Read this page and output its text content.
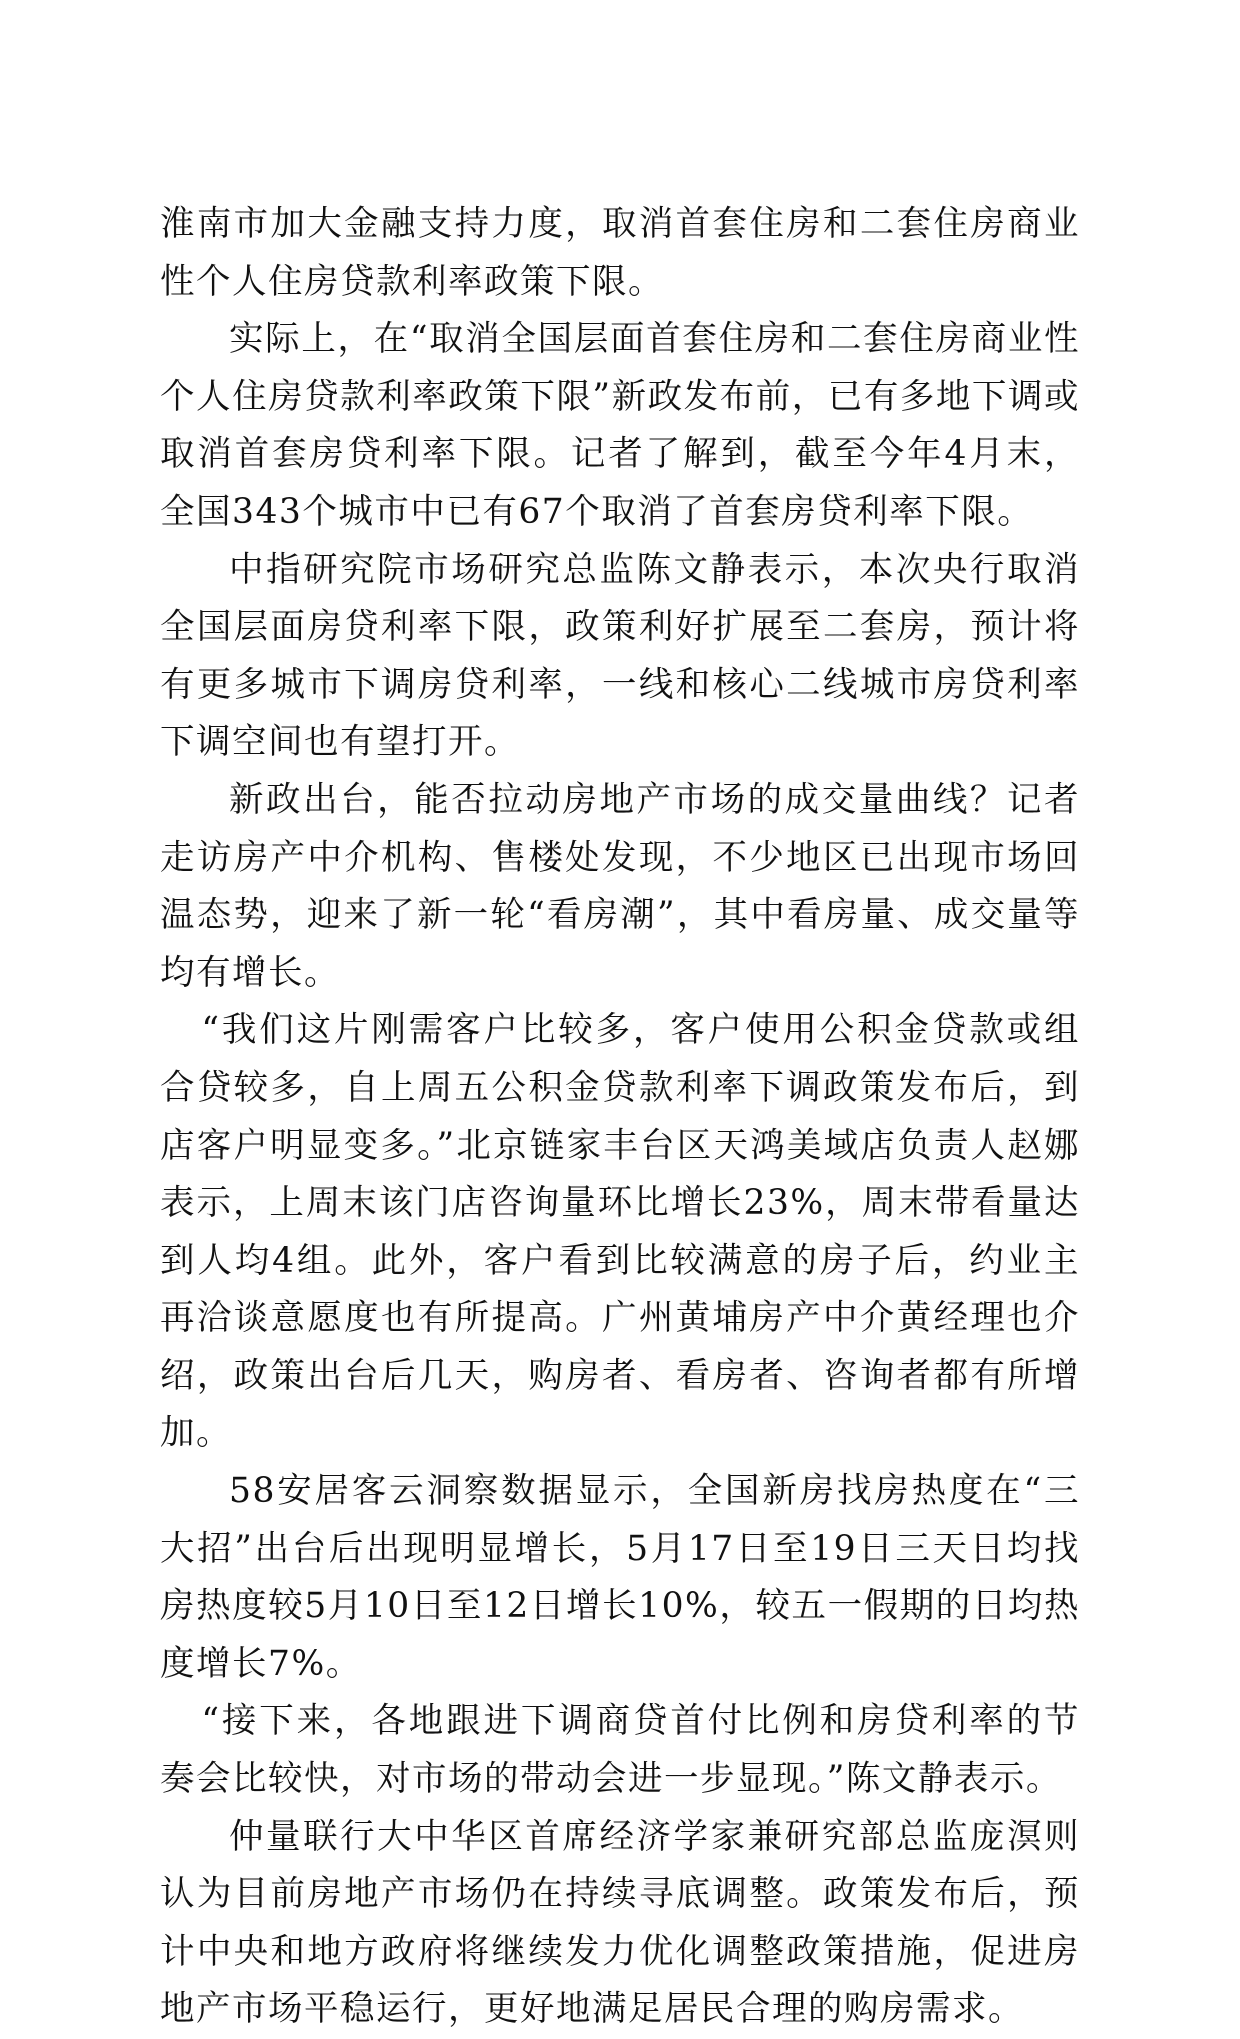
淮南市加大金融支持力度，取消首套住房和二套住房商业性个人住房贷款利率政策下限。

实际上，在“取消全国层面首套住房和二套住房商业性个人住房贷款利率政策下限”新政发布前，已有多地下调或取消首套房贷利率下限。记者了解到，截至今年4月末，全国343个城市中已有67个取消了首套房贷利率下限。

中指研究院市场研究总监陈文静表示，本次央行取消全国层面房贷利率下限，政策利好扩展至二套房，预计将有更多城市下调房贷利率，一线和核心二线城市房贷利率下调空间也有望打开。

新政出台，能否拉动房地产市场的成交量曲线？记者走访房产中介机构、售楼处发现，不少地区已出现市场回温态势，迎来了新一轮“看房潮”，其中看房量、成交量等均有增长。

“我们这片刚需客户比较多，客户使用公积金贷款或组合贷较多，自上周五公积金贷款利率下调政策发布后，到店客户明显变多。”北京链家丰台区天鸿美域店负责人赵娜表示，上周末该门店咨询量环比增长23%，周末带看量达到人均4组。此外，客户看到比较满意的房子后，约业主再洽谈意愿度也有所提高。广州黄埔房产中介黄经理也介绍，政策出台后几天，购房者、看房者、咨询者都有所增加。

58安居客云洞察数据显示，全国新房找房热度在“三大招”出台后出现明显增长，5月17日至19日三天日均找房热度较5月10日至12日增长10%，较五一假期的日均热度增长7%。

“接下来，各地跟进下调商贷首付比例和房贷利率的节奏会比较快，对市场的带动会进一步显现。”陈文静表示。

仲量联行大中华区首席经济学家兼研究部总监庞溟则认为目前房地产市场仍在持续寻底调整。政策发布后，预计中央和地方政府将继续发力优化调整政策措施，促进房地产市场平稳运行，更好地满足居民合理的购房需求。
